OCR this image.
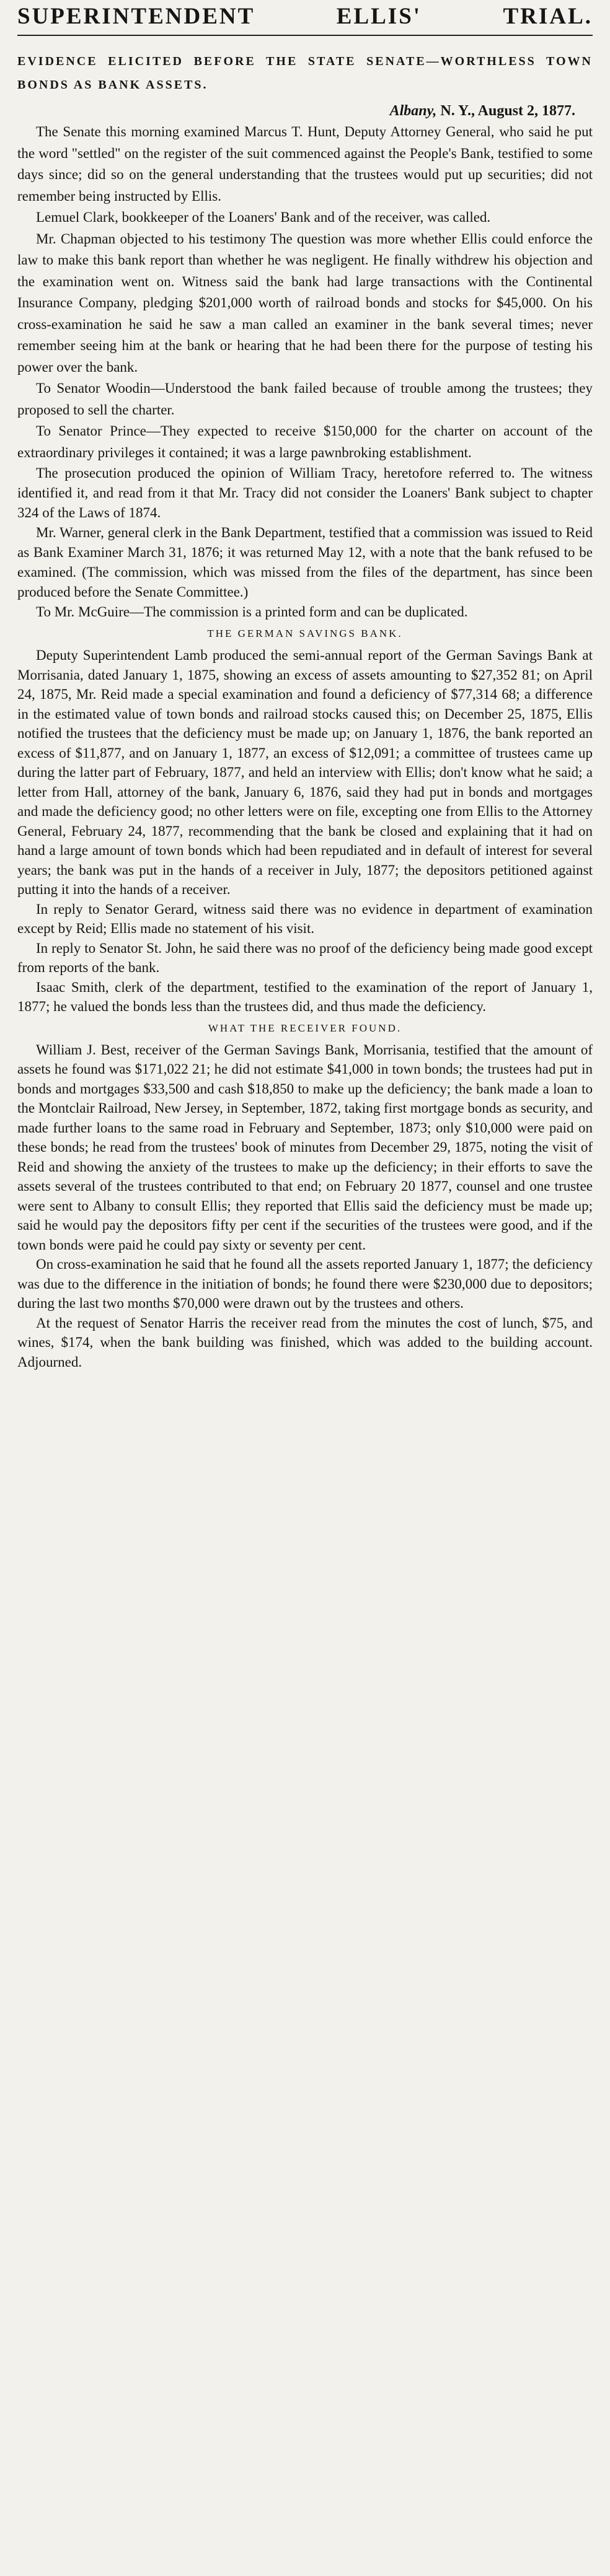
SUPERINTENDENT ELLIS' TRIAL.

EVIDENCE ELICITED BEFORE THE STATE SENATE—WORTHLESS TOWN BONDS AS BANK ASSETS.

Albany, N. Y., August 2, 1877.

The Senate this morning examined Marcus T. Hunt, Deputy Attorney General, who said he put the word "settled" on the register of the suit commenced against the People's Bank, testified to some days since; did so on the general understanding that the trustees would put up securities; did not remember being instructed by Ellis.

Lemuel Clark, bookkeeper of the Loaners' Bank and of the receiver, was called.

Mr. Chapman objected to his testimony The question was more whether Ellis could enforce the law to make this bank report than whether he was negligent. He finally withdrew his objection and the examination went on. Witness said the bank had large transactions with the Continental Insurance Company, pledging $201,000 worth of railroad bonds and stocks for $45,000. On his cross-examination he said he saw a man called an examiner in the bank several times; never remember seeing him at the bank or hearing that he had been there for the purpose of testing his power over the bank.

To Senator Woodin—Understood the bank failed because of trouble among the trustees; they proposed to sell the charter.

To Senator Prince—They expected to receive $150,000 for the charter on account of the extraordinary privileges it contained; it was a large pawnbroking establishment.

The prosecution produced the opinion of William Tracy, heretofore referred to. The witness identified it, and read from it that Mr. Tracy did not consider the Loaners' Bank subject to chapter 324 of the Laws of 1874.

Mr. Warner, general clerk in the Bank Department, testified that a commission was issued to Reid as Bank Examiner March 31, 1876; it was returned May 12, with a note that the bank refused to be examined. (The commission, which was missed from the files of the department, has since been produced before the Senate Committee.)

To Mr. McGuire—The commission is a printed form and can be duplicated.

THE GERMAN SAVINGS BANK.

Deputy Superintendent Lamb produced the semi-annual report of the German Savings Bank at Morrisania, dated January 1, 1875, showing an excess of assets amounting to $27,352 81; on April 24, 1875, Mr. Reid made a special examination and found a deficiency of $77,314 68; a difference in the estimated value of town bonds and railroad stocks caused this; on December 25, 1875, Ellis notified the trustees that the deficiency must be made up; on January 1, 1876, the bank reported an excess of $11,877, and on January 1, 1877, an excess of $12,091; a committee of trustees came up during the latter part of February, 1877, and held an interview with Ellis; don't know what he said; a letter from Hall, attorney of the bank, January 6, 1876, said they had put in bonds and mortgages and made the deficiency good; no other letters were on file, excepting one from Ellis to the Attorney General, February 24, 1877, recommending that the bank be closed and explaining that it had on hand a large amount of town bonds which had been repudiated and in default of interest for several years; the bank was put in the hands of a receiver in July, 1877; the depositors petitioned against putting it into the hands of a receiver.

In reply to Senator Gerard, witness said there was no evidence in department of examination except by Reid; Ellis made no statement of his visit.

In reply to Senator St. John, he said there was no proof of the deficiency being made good except from reports of the bank.

Isaac Smith, clerk of the department, testified to the examination of the report of January 1, 1877; he valued the bonds less than the trustees did, and thus made the deficiency.

WHAT THE RECEIVER FOUND.

William J. Best, receiver of the German Savings Bank, Morrisania, testified that the amount of assets he found was $171,022 21; he did not estimate $41,000 in town bonds; the trustees had put in bonds and mortgages $33,500 and cash $18,850 to make up the deficiency; the bank made a loan to the Montclair Railroad, New Jersey, in September, 1872, taking first mortgage bonds as security, and made further loans to the same road in February and September, 1873; only $10,000 were paid on these bonds; he read from the trustees' book of minutes from December 29, 1875, noting the visit of Reid and showing the anxiety of the trustees to make up the deficiency; in their efforts to save the assets several of the trustees contributed to that end; on February 20 1877, counsel and one trustee were sent to Albany to consult Ellis; they reported that Ellis said the deficiency must be made up; said he would pay the depositors fifty per cent if the securities of the trustees were good, and if the town bonds were paid he could pay sixty or seventy per cent.

On cross-examination he said that he found all the assets reported January 1, 1877; the deficiency was due to the difference in the initiation of bonds; he found there were $230,000 due to depositors; during the last two months $70,000 were drawn out by the trustees and others.

At the request of Senator Harris the receiver read from the minutes the cost of lunch, $75, and wines, $174, when the bank building was finished, which was added to the building account. Adjourned.
